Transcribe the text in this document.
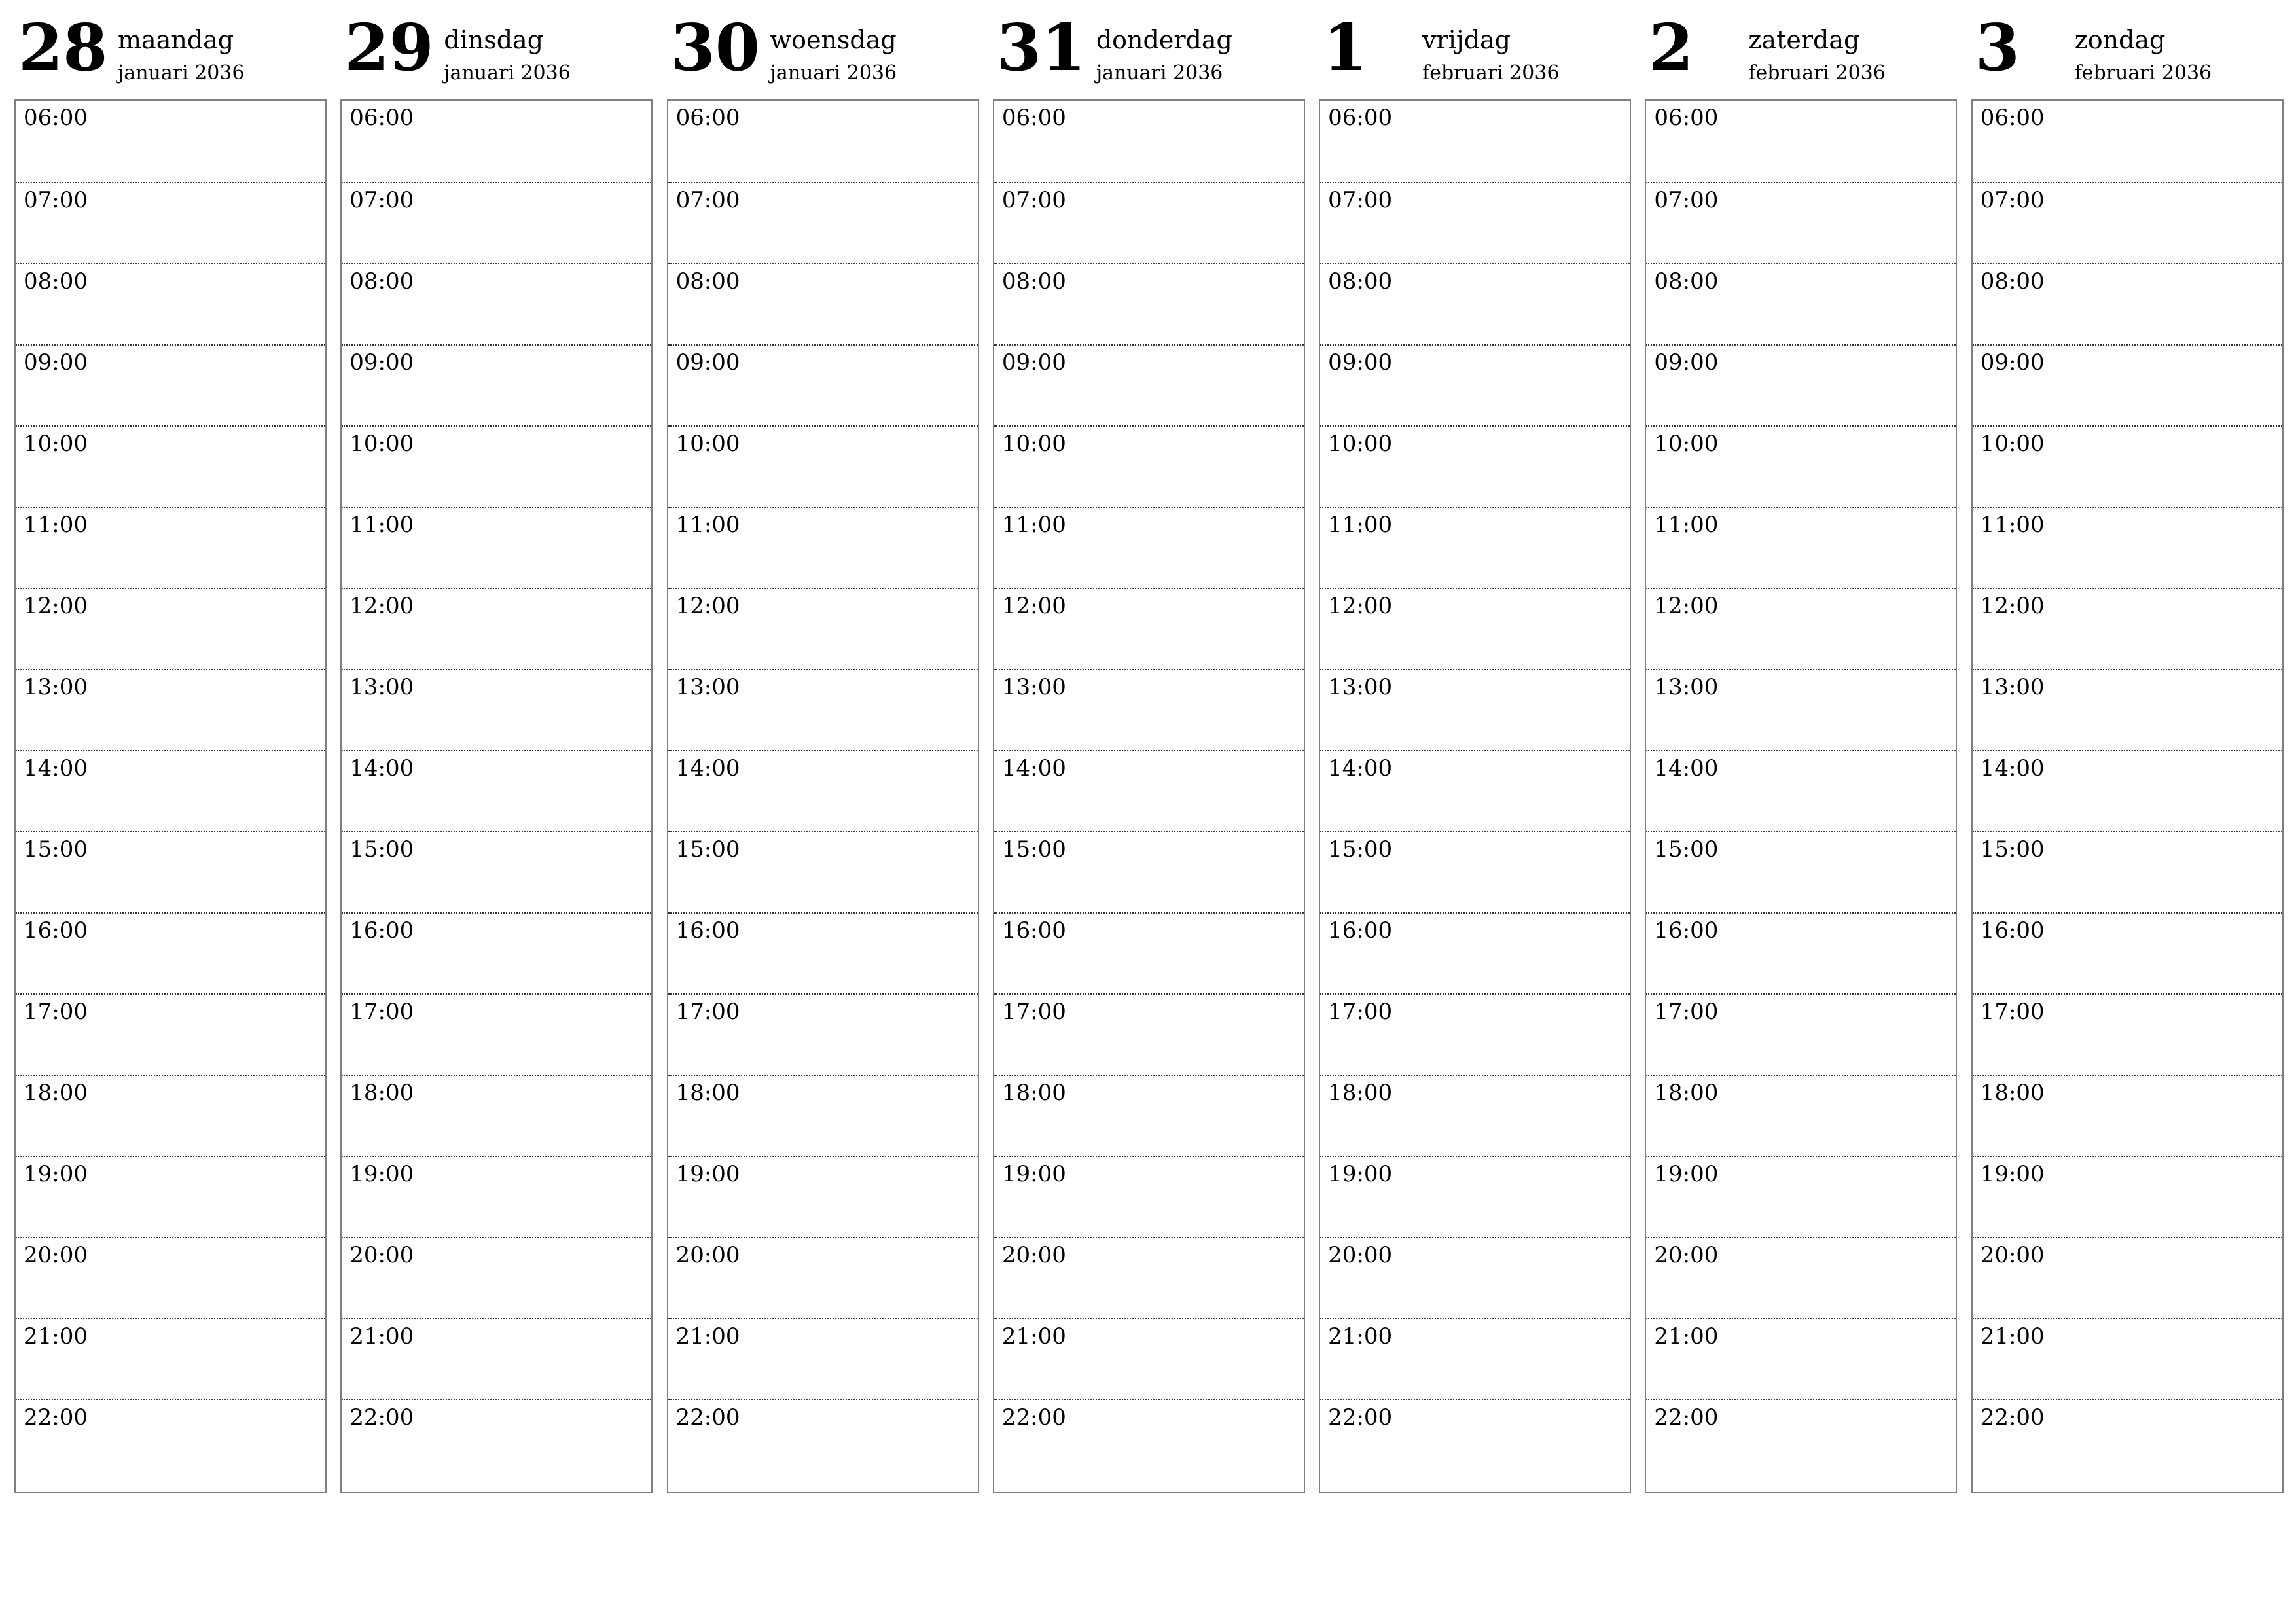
28 maandag
januari 2036
06:00
07:00
08:00
09:00
10:00
11:00
12:00
13:00
14:00
15:00
16:00
17:00
18:00
19:00
20:00
21:00
22:00
29 dinsdag
januari 2036
06:00
07:00
08:00
09:00
10:00
11:00
12:00
13:00
14:00
15:00
16:00
17:00
18:00
19:00
20:00
21:00
22:00
30 woensdag
januari 2036
06:00
07:00
08:00
09:00
10:00
11:00
12:00
13:00
14:00
15:00
16:00
17:00
18:00
19:00
20:00
21:00
22:00
31 donderdag
januari 2036
06:00
07:00
08:00
09:00
10:00
11:00
12:00
13:00
14:00
15:00
16:00
17:00
18:00
19:00
20:00
21:00
22:00
1 vrijdag
februari 2036
06:00
07:00
08:00
09:00
10:00
11:00
12:00
13:00
14:00
15:00
16:00
17:00
18:00
19:00
20:00
21:00
22:00
2 zaterdag
februari 2036
06:00
07:00
08:00
09:00
10:00
11:00
12:00
13:00
14:00
15:00
16:00
17:00
18:00
19:00
20:00
21:00
22:00
3 zondag
februari 2036
06:00
07:00
08:00
09:00
10:00
11:00
12:00
13:00
14:00
15:00
16:00
17:00
18:00
19:00
20:00
21:00
22:00
